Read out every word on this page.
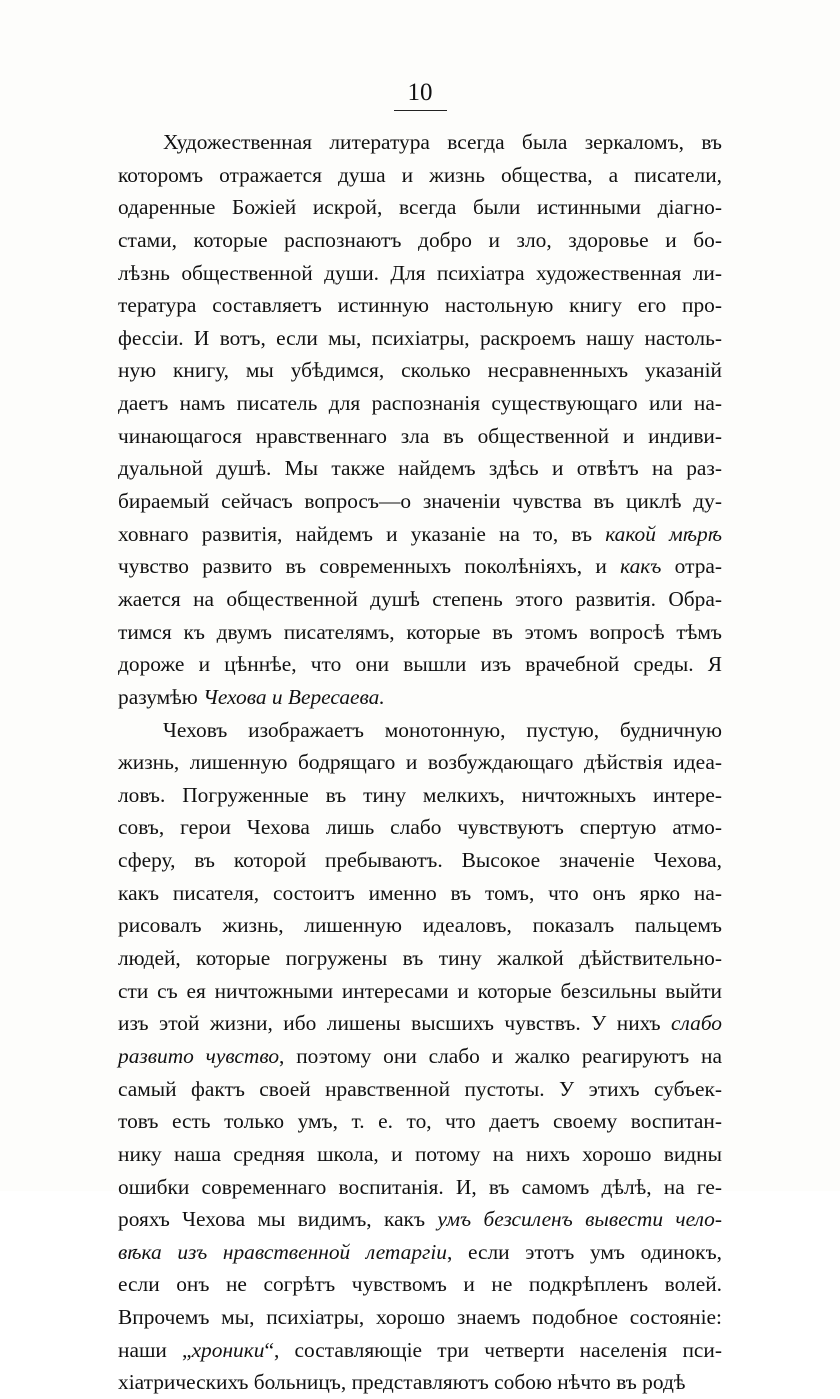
10
Художественная литература всегда была зеркаломъ, въ
которомъ отражается душа и жизнь общества, а писатели,
одаренные Божіей искрой, всегда были истинными діагно-
стами, которые распознаютъ добро и зло, здоровье и бо-
лѣзнь общественной души. Для психіатра художественная ли-
тература составляетъ истинную настольную книгу его про-
фессіи. И вотъ, если мы, психіатры, раскроемъ нашу настоль-
ную книгу, мы убѣдимся, сколько несравненныхъ указаній
даетъ намъ писатель для распознанія существующаго или на-
чинающагося нравственнаго зла въ общественной и индиви-
дуальной душѣ. Мы также найдемъ здѣсь и отвѣтъ на раз-
бираемый сейчасъ вопросъ—о значеніи чувства въ циклѣ ду-
ховнаго развитія, найдемъ и указаніе на то, въ какой мѣрѣ
чувство развито въ современныхъ поколѣніяхъ, и какъ отра-
жается на общественной душѣ степень этого развитія. Обра-
тимся къ двумъ писателямъ, которые въ этомъ вопросѣ тѣмъ
дороже и цѣннѣе, что они вышли изъ врачебной среды. Я
разумѣю Чехова и Вересаева.
Чеховъ изображаетъ монотонную, пустую, будничную
жизнь, лишенную бодрящаго и возбуждающаго дѣйствія идеа-
ловъ. Погруженные въ тину мелкихъ, ничтожныхъ интере-
совъ, герои Чехова лишь слабо чувствуютъ спертую атмо-
сферу, въ которой пребываютъ. Высокое значеніе Чехова,
какъ писателя, состоитъ именно въ томъ, что онъ ярко на-
рисовалъ жизнь, лишенную идеаловъ, показалъ пальцемъ
людей, которые погружены въ тину жалкой дѣйствительно-
сти съ ея ничтожными интересами и которые безсильны выйти
изъ этой жизни, ибо лишены высшихъ чувствъ. У нихъ слабо
развито чувство, поэтому они слабо и жалко реагируютъ на
самый фактъ своей нравственной пустоты. У этихъ субъек-
товъ есть только умъ, т. е. то, что даетъ своему воспитан-
нику наша средняя школа, и потому на нихъ хорошо видны
ошибки современнаго воспитанія. И, въ самомъ дѣлѣ, на ге-
рояхъ Чехова мы видимъ, какъ умъ безсиленъ вывести чело-
вѣка изъ нравственной летаргіи, если этотъ умъ одинокъ,
если онъ не согрѣтъ чувствомъ и не подкрѣпленъ волей.
Впрочемъ мы, психіатры, хорошо знаемъ подобное состояніе:
наши „хроники“, составляющіе три четверти населенія пси-
хіатрическихъ больницъ, представляютъ собою нѣчто въ родѣ
